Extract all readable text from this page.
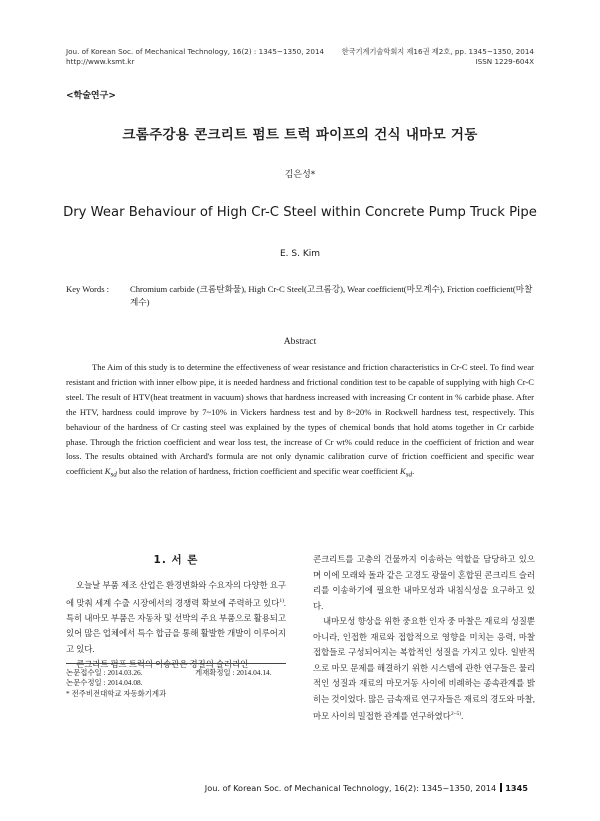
Jou. of Korean Soc. of Mechanical Technology, 16(2) : 1345~1350, 2014
http://www.ksmt.kr
한국기계기술학회지 제16권 제2호, pp. 1345~1350, 2014
ISSN 1229-604X
<학술연구>
크롬주강용 콘크리트 펌트 트럭 파이프의 건식 내마모 거동
김은성*
Dry Wear Behaviour of High Cr-C Steel within Concrete Pump Truck Pipe
E. S. Kim
Key Words : Chromium carbide (크롬탄화물), High Cr-C Steel(고크롬강), Wear coefficient(마모계수), Friction coefficient(마찰계수)
Abstract
The Aim of this study is to determine the effectiveness of wear resistance and friction characteristics in Cr-C steel. To find wear resistant and friction with inner elbow pipe, it is needed hardness and frictional condition test to be capable of supplying with high Cr-C steel. The result of HTV(heat treatment in vacuum) shows that hardness increased with increasing Cr content in % carbide phase. After the HTV, hardness could improve by 7~10% in Vickers hardness test and by 8~20% in Rockwell hardness test, respectively. This behaviour of the hardness of Cr casting steel was explained by the types of chemical bonds that hold atoms together in Cr carbide phase. Through the friction coefficient and wear loss test, the increase of Cr wt% could reduce in the coefficient of friction and wear loss. The results obtained with Archard's formula are not only dynamic calibration curve of friction coefficient and specific wear coefficient $K_{sd}$ but also the relation of hardness, friction coefficient and specific wear coefficient $K_{sd}$.
1. 서 론

오늘날 부품 제조 산업은 환경변화와 수요자의 다양한 요구에 맞춰 세계 수출 시장에서의 경쟁력 확보에 주력하고 있다$^{1)}$. 특히 내마모 부품은 자동차 및 선박의 주요 부품으로 활용되고 있어 많은 업체에서 특수 합금을 통해 활발한 개발이 이루어지고 있다.

콘크리트 펌프 트럭의 이송관은 경질의 슬러리인

콘크리트를 고층의 건물까지 이송하는 역할을 담당하고 있으며 이에 모래와 돌과 같은 고경도 광물이 혼합된 콘크리트 슬러리를 이송하기에 필요한 내마모성과 내침식성을 요구하고 있다.

내마모성 향상을 위한 중요한 인자 중 마찰은 재료의 성질뿐 아니라, 인접한 재료와 접합적으로 영향을 미치는 응력, 마찰 접합들로 구성되어지는 복합적인 성질을 가지고 있다. 일반적으로 마모 문제를 해결하기 위한 시스템에 관한 연구들은 물리적인 성질과 재료의 마모거동 사이에 비례하는 종속관계를 밝히는 것이었다. 많은 금속재료 연구자들은 재료의 경도와 마찰, 마모 사이의 밀접한 관계를 연구하였다$^{2\sim 5)}$.

논문접수일 : 2014.03.26.	게재확정일 : 2014.04.14.
논문수정일 : 2014.04.08.
* 전주비전대학교 자동화기계과
Jou. of Korean Soc. of Mechanical Technology, 16(2): 1345~1350, 2014 1345
